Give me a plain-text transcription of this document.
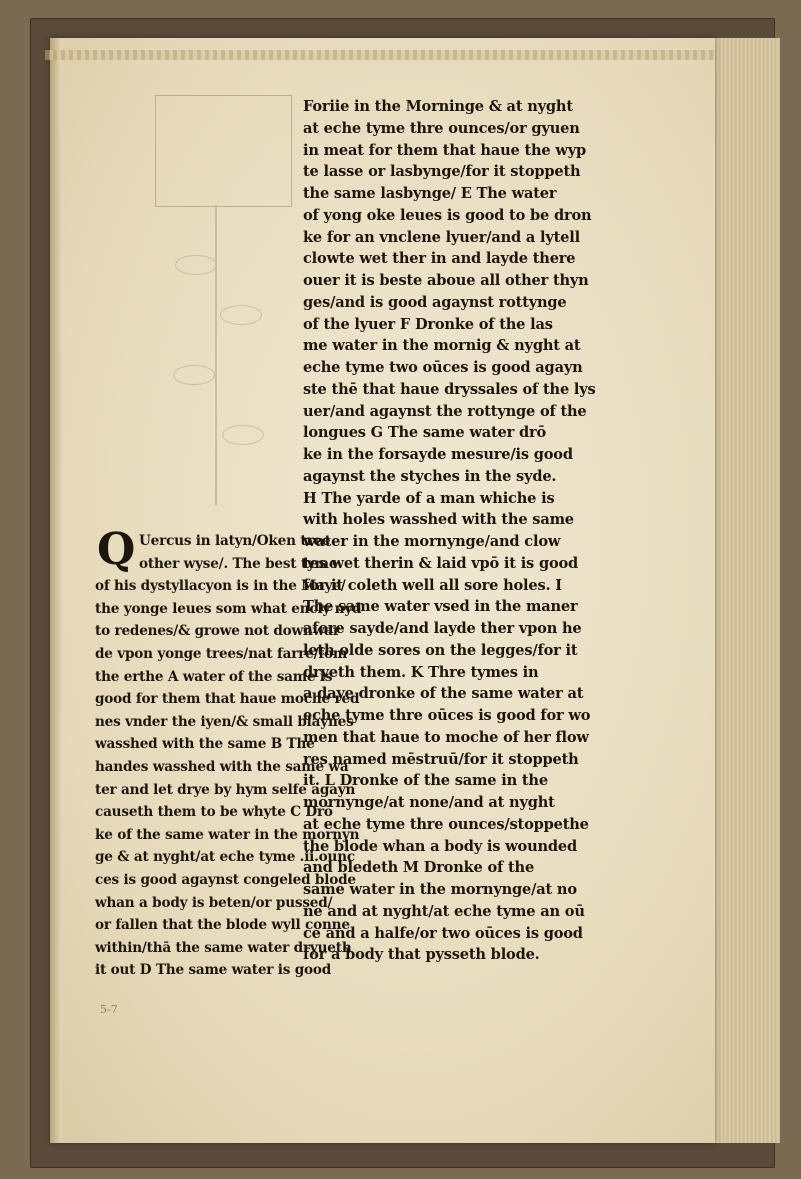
Foriie in the Morninge & at nyght
at eche tyme thre ounces/or gyuen
in meat for them that haue the wyp
te lasse or lasbynge/for it stoppeth
the same lasbynge/ E The water
of yong oke leues is good to be dron
ke for an vnclene lyuer/and a lytell
clowte wet ther in and layde there
ouer it is beste aboue all other thyn
ges/and is good agaynst rottynge
of the lyuer F Dronke of the las
me water in the mornig & nyght at
eche tyme two oūces is good agayn
ste thē that haue dryssales of the lys
uer/and agaynst the rottynge of the
longues G The same water drō
ke in the forsayde mesure/is good
agaynst the styches in the syde.
H The yarde of a man whiche is
with holes wasshed with the same
water in the mornynge/and clow
tes wet therin & laid vpō it is good
for it coleth well all sore holes. I
The same water vsed in the maner
afore sayde/and layde ther vpon he
leth olde sores on the legges/for it
dryeth them. K Thre tymes in
a daye dronke of the same water at
eche tyme thre oūces is good for wo
men that haue to moche of her flow
res named mēstruū/for it stoppeth
it. L Dronke of the same in the
mornynge/at none/and at nyght
at eche tyme thre ounces/stoppethe
the blode whan a body is wounded
and bledeth M Dronke of the
same water in the mornynge/at no
ne and at nyght/at eche tyme an oū
ce and a halfe/or two oūces is good
for a body that pysseth blode.
Q Uercus in latyn/Oken tree
other wyse/. The best tyme
of his dystyllacyon is in the Maye/
the yonge leues som what encly nyd
to redenes/& growe not downwar
de vpon yonge trees/nat farre/fom
the erthe A water of the same is
good for them that haue moche red
nes vnder the iyen/& small blaynes
wasshed with the same B The
handes wasshed with the same wa
ter and let drye by hym selfe agayn
causeth them to be whyte C Drō
ke of the same water in the mornyn
ge & at nyght/at eche tyme .ii.ounc
ces is good agaynst congeled blode
whan a body is beten/or pussed/
or fallen that the blode wyll conne
within/thā the same water dryueth
it out D The same water is good
5-7
